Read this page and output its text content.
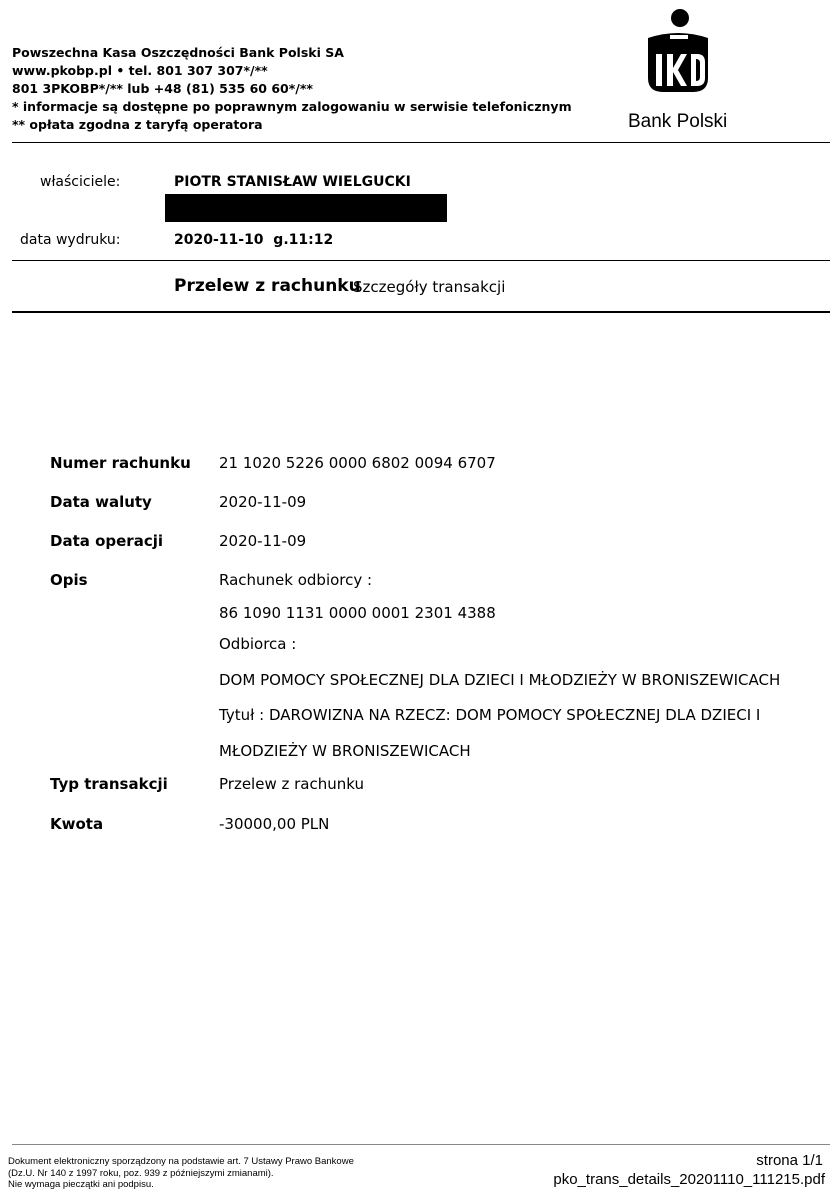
Powszechna Kasa Oszczędności Bank Polski SA
www.pkobp.pl • tel. 801 307 307*/**
801 3PKOBP*/** lub +48 (81) 535 60 60*/**
* informacje są dostępne po poprawnym zalogowaniu w serwisie telefonicznym
** opłata zgodna z taryfą operatora	Bank Polski
właściciele:	PIOTR STANISŁAW WIELGUCKI
data wydruku:	2020-11-10  g.11:12
Przelew z rachunku
Szczegóły transakcji
Numer rachunku 21 1020 5226 0000 6802 0094 6707
Data waluty	2020-11-09
Data operacji	2020-11-09
Opis	Rachunek odbiorcy :
86 1090 1131 0000 0001 2301 4388
Odbiorca :
DOM POMOCY SPOŁECZNEJ DLA DZIECI I MŁODZIEŻY W BRONISZEWICACH
Tytuł : DAROWIZNA NA RZECZ: DOM POMOCY SPOŁECZNEJ DLA DZIECI I
MŁODZIEŻY W BRONISZEWICACH
Typ transakcji	Przelew z rachunku
Kwota	-30000,00 PLN
Dokument elektroniczny sporządzony na podstawie art. 7 Ustawy Prawo Bankowe
(Dz.U. Nr 140 z 1997 roku, poz. 939 z późniejszymi zmianami).
Nie wymaga pieczątki ani podpisu.
strona 1/1
pko_trans_details_20201110_111215.pdf
